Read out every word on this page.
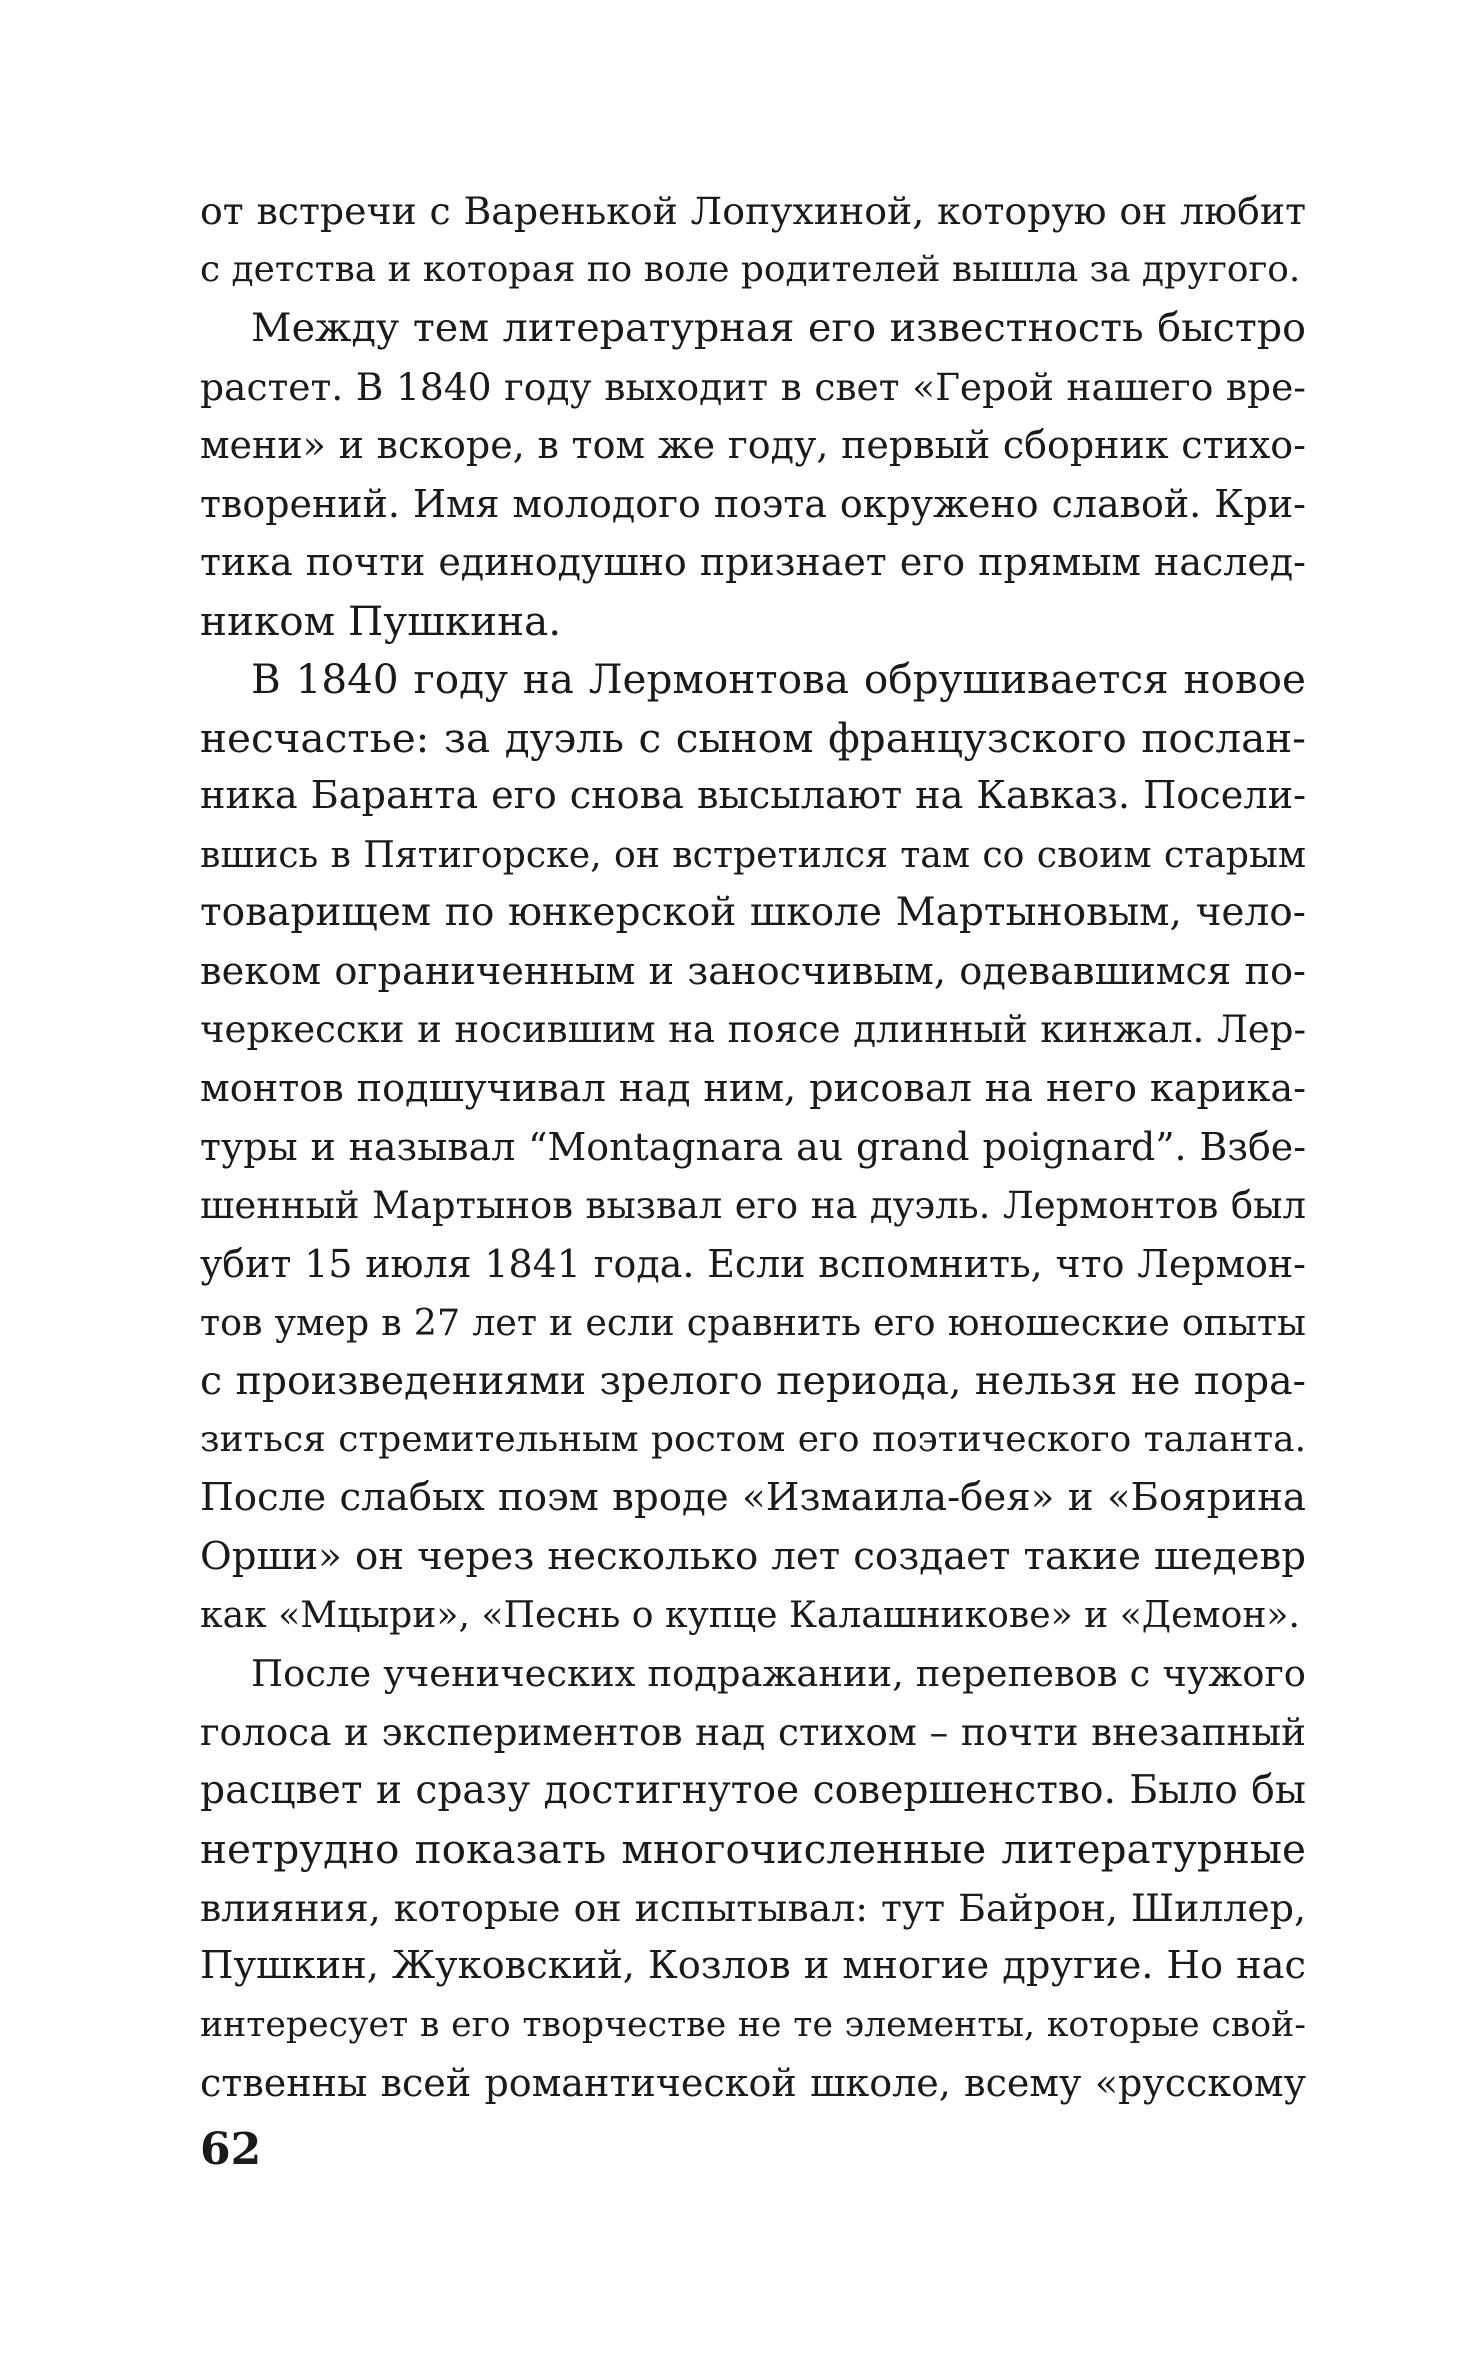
от встречи с Варенькой Лопухиной, которую он любит
с детства и которая по воле родителей вышла за другого.
Между тем литературная его известность быстро
растет. В 1840 году выходит в свет «Герой нашего вре-
мени» и вскоре, в том же году, первый сборник стихо-
творений. Имя молодого поэта окружено славой. Кри-
тика почти единодушно признает его прямым наслед-
ником Пушкина.
В 1840 году на Лермонтова обрушивается новое
несчастье: за дуэль с сыном французского послан-
ника Баранта его снова высылают на Кавказ. Посели-
вшись в Пятигорске, он встретился там со своим старым
товарищем по юнкерской школе Мартыновым, чело-
веком ограниченным и заносчивым, одевавшимся по-
черкесски и носившим на поясе длинный кинжал. Лер-
монтов подшучивал над ним, рисовал на него карика-
туры и называл “Montagnara au grand poignard”. Взбе-
шенный Мартынов вызвал его на дуэль. Лермонтов был
убит 15 июля 1841 года. Если вспомнить, что Лермон-
тов умер в 27 лет и если сравнить его юношеские опыты
с произведениями зрелого периода, нельзя не пора-
зиться стремительным ростом его поэтического таланта.
После слабых поэм вроде «Измаила-бея» и «Боярина
Орши» он через несколько лет создает такие шедевр
как «Мцыри», «Песнь о купце Калашникове» и «Демон».
После ученических подражании, перепевов с чужого
голоса и экспериментов над стихом – почти внезапный
расцвет и сразу достигнутое совершенство. Было бы
нетрудно показать многочисленные литературные
влияния, которые он испытывал: тут Байрон, Шиллер,
Пушкин, Жуковский, Козлов и многие другие. Но нас
интересует в его творчестве не те элементы, которые свой-
ственны всей романтической школе, всему «русскому
62
